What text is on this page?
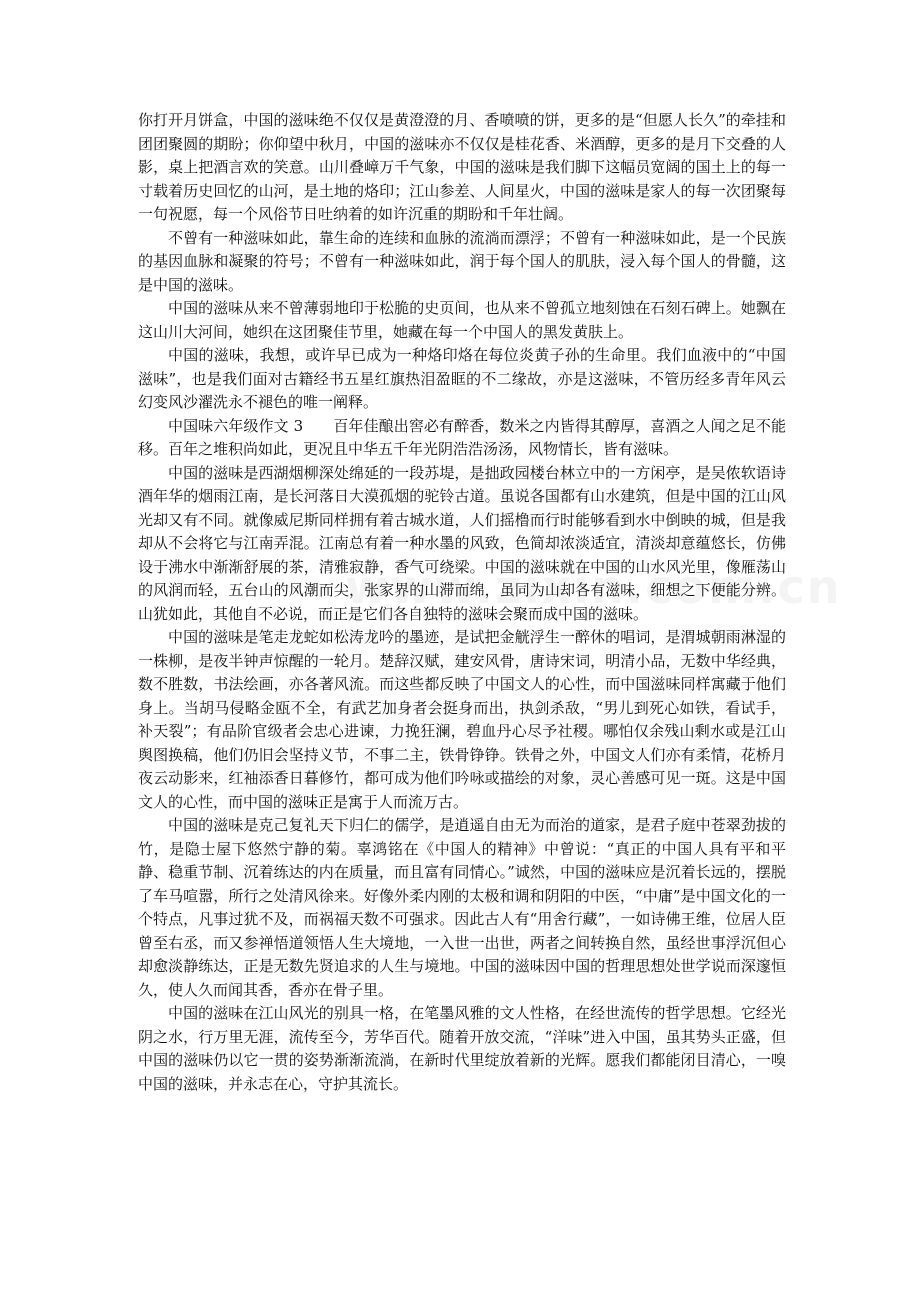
你打开月饼盒，中国的滋味绝不仅仅是黄澄澄的月、香喷喷的饼，更多的是“但愿人长久”的牵挂和团团聚圆的期盼；你仰望中秋月，中国的滋味亦不仅仅是桂花香、米酒醇，更多的是月下交叠的人影，桌上把酒言欢的笑意。山川叠嶂万千气象，中国的滋味是我们脚下这幅员宽阔的国土上的每一寸载着历史回忆的山河，是土地的烙印；江山参差、人间星火，中国的滋味是家人的每一次团聚每一句祝愿，每一个风俗节日吐纳着的如许沉重的期盼和千年壮阔。

不曾有一种滋味如此，靠生命的连续和血脉的流淌而漂浮；不曾有一种滋味如此，是一个民族的基因血脉和凝聚的符号；不曾有一种滋味如此，润于每个国人的肌肤，浸入每个国人的骨髓，这是中国的滋味。

中国的滋味从来不曾薄弱地印于松脆的史页间，也从来不曾孤立地刻蚀在石刻石碑上。她飘在这山川大河间，她织在这团聚佳节里，她藏在每一个中国人的黑发黄肤上。

中国的滋味，我想，或许早已成为一种烙印烙在每位炎黄子孙的生命里。我们血液中的“中国滋味”，也是我们面对古籍经书五星红旗热泪盈眶的不二缘故，亦是这滋味，不管历经多青年风云幻变风沙濯洗永不褪色的唯一阐释。

中国味六年级作文 3　　百年佳酿出窖必有醉香，数米之内皆得其醇厚，喜酒之人闻之足不能移。百年之堆积尚如此，更况且中华五千年光阴浩浩汤汤，风物情长，皆有滋味。

中国的滋味是西湖烟柳深处绵延的一段苏堤，是拙政园楼台林立中的一方闲亭，是吴侬软语诗酒年华的烟雨江南，是长河落日大漠孤烟的驼铃古道。虽说各国都有山水建筑，但是中国的江山风光却又有不同。就像威尼斯同样拥有着古城水道，人们摇橹而行时能够看到水中倒映的城，但是我却从不会将它与江南弄混。江南总有着一种水墨的风致，色简却浓淡适宜，清淡却意蕴悠长，仿佛设于沸水中渐渐舒展的茶，清雅寂静，香气可绕梁。中国的滋味就在中国的山水风光里，像雁荡山的风润而轻，五台山的风潮而尖，张家界的山滞而绵，虽同为山却各有滋味，细想之下便能分辨。山犹如此，其他自不必说，而正是它们各自独特的滋味会聚而成中国的滋味。

中国的滋味是笔走龙蛇如松涛龙吟的墨迹，是试把金觥浮生一醉休的唱词，是渭城朝雨淋湿的一株柳，是夜半钟声惊醒的一轮月。楚辞汉赋，建安风骨，唐诗宋词，明清小品，无数中华经典，数不胜数，书法绘画，亦各著风流。而这些都反映了中国文人的心性，而中国滋味同样寓藏于他们身上。当胡马侵略金瓯不全，有武艺加身者会挺身而出，执剑杀敌，“男儿到死心如铁，看试手，补天裂”；有品阶官级者会忠心进谏，力挽狂澜，碧血丹心尽予社稷。哪怕仅余残山剩水或是江山舆图换稿，他们仍旧会坚持义节，不事二主，铁骨铮铮。铁骨之外，中国文人们亦有柔情，花桥月夜云动影来，红袖添香日暮修竹，都可成为他们吟咏或描绘的对象，灵心善感可见一斑。这是中国文人的心性，而中国的滋味正是寓于人而流万古。

中国的滋味是克己复礼天下归仁的儒学，是逍遥自由无为而治的道家，是君子庭中苍翠劲拔的竹，是隐士屋下悠然宁静的菊。辜鸿铭在《中国人的精神》中曾说：“真正的中国人具有平和平静、稳重节制、沉着练达的内在质量，而且富有同情心。”诚然，中国的滋味应是沉着长远的，摆脱了车马喧嚣，所行之处清风徐来。好像外柔内刚的太极和调和阴阳的中医，“中庸”是中国文化的一个特点，凡事过犹不及，而祸福天数不可强求。因此古人有“用舍行藏”，一如诗佛王维，位居人臣曾至右丞，而又参禅悟道领悟人生大境地，一入世一出世，两者之间转换自然，虽经世事浮沉但心却愈淡静练达，正是无数先贤追求的人生与境地。中国的滋味因中国的哲理思想处世学说而深邃恒久，使人久而闻其香，香亦在骨子里。

中国的滋味在江山风光的别具一格，在笔墨风雅的文人性格，在经世流传的哲学思想。它经光阴之水，行万里无涯，流传至今，芳华百代。随着开放交流，“洋味”进入中国，虽其势头正盛，但中国的滋味仍以它一贯的姿势渐渐流淌，在新时代里绽放着新的光辉。愿我们都能闭目清心，一嗅中国的滋味，并永志在心，守护其流长。
